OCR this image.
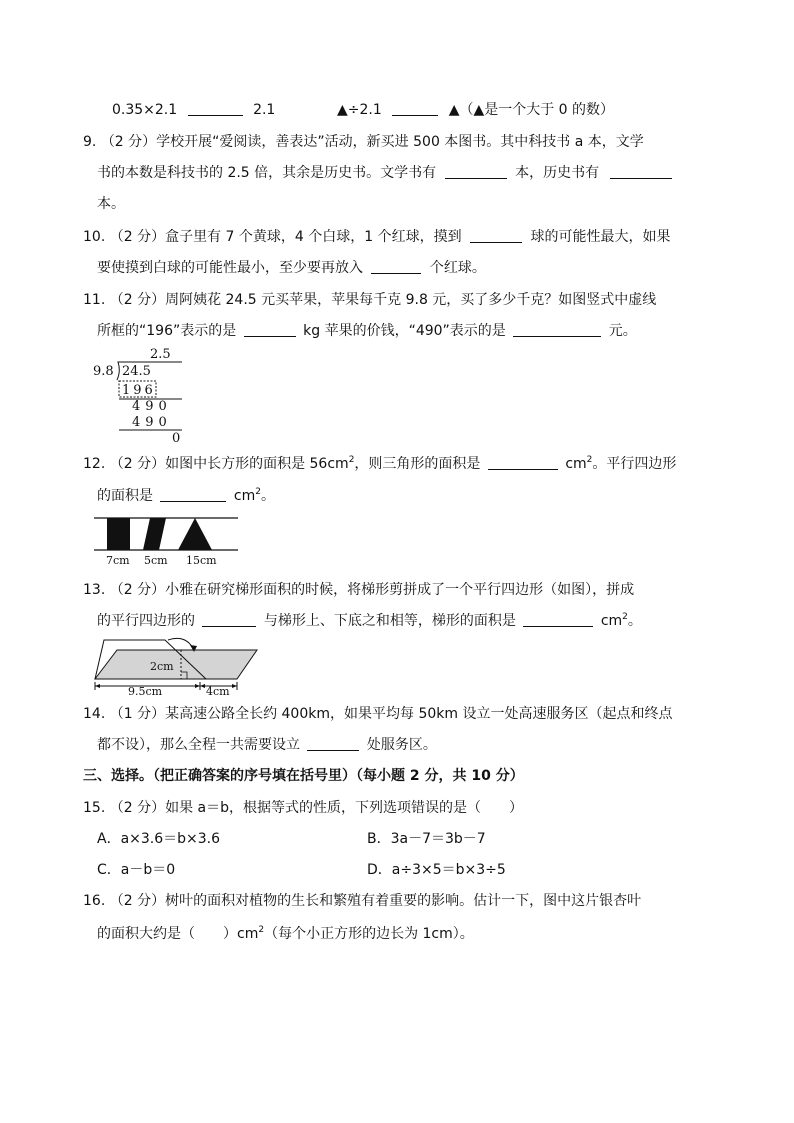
0.35×2.1	2.1	▲÷2.1	▲（▲是一个大于 0 的数）
9. （2 分）学校开展“爱阅读，善表达”活动，新买进 500 本图书。其中科技书 a 本，文学
书的本数是科技书的 2.5 倍，其余是历史书。文学书有	本，历史书有
本。
10. （2 分）盒子里有 7 个黄球，4 个白球，1 个红球，摸到	球的可能性最大，如果
要使摸到白球的可能性最小，至少要再放入	个红球。
11. （2 分）周阿姨花 24.5 元买苹果，苹果每千克 9.8 元，买了多少千克？如图竖式中虚线
所框的“196”表示的是	kg 苹果的价钱，“490”表示的是	元。
2.5
9.8 24.5
196
490
490
0
12. （2 分）如图中长方形的面积是 $56cm^2$，则三角形的面积是	$cm^2$。平行四边形
的面积是	$cm^2$。
7cm 5cm 15cm
13. （2 分）小雅在研究梯形面积的时候，将梯形剪拼成了一个平行四边形（如图），拼成
的平行四边形的	与梯形上、下底之和相等，梯形的面积是	$cm^2$。
2cm
9.5cm	4cm
14. （1 分）某高速公路全长约 400km，如果平均每 50km 设立一处高速服务区（起点和终点
都不设），那么全程一共需要设立	处服务区。
三、选择。（把正确答案的序号填在括号里）（每小题 2 分，共 10 分）
15. （2 分）如果 a＝b，根据等式的性质，下列选项错误的是（　　）
A．a×3.6＝b×3.6	B．3a－7＝3b－7
C．a－b＝0	D．a÷3×5＝b×3÷5
16. （2 分）树叶的面积对植物的生长和繁殖有着重要的影响。估计一下，图中这片银杏叶
的面积大约是（　　）$cm^2$（每个小正方形的边长为 1cm）。
